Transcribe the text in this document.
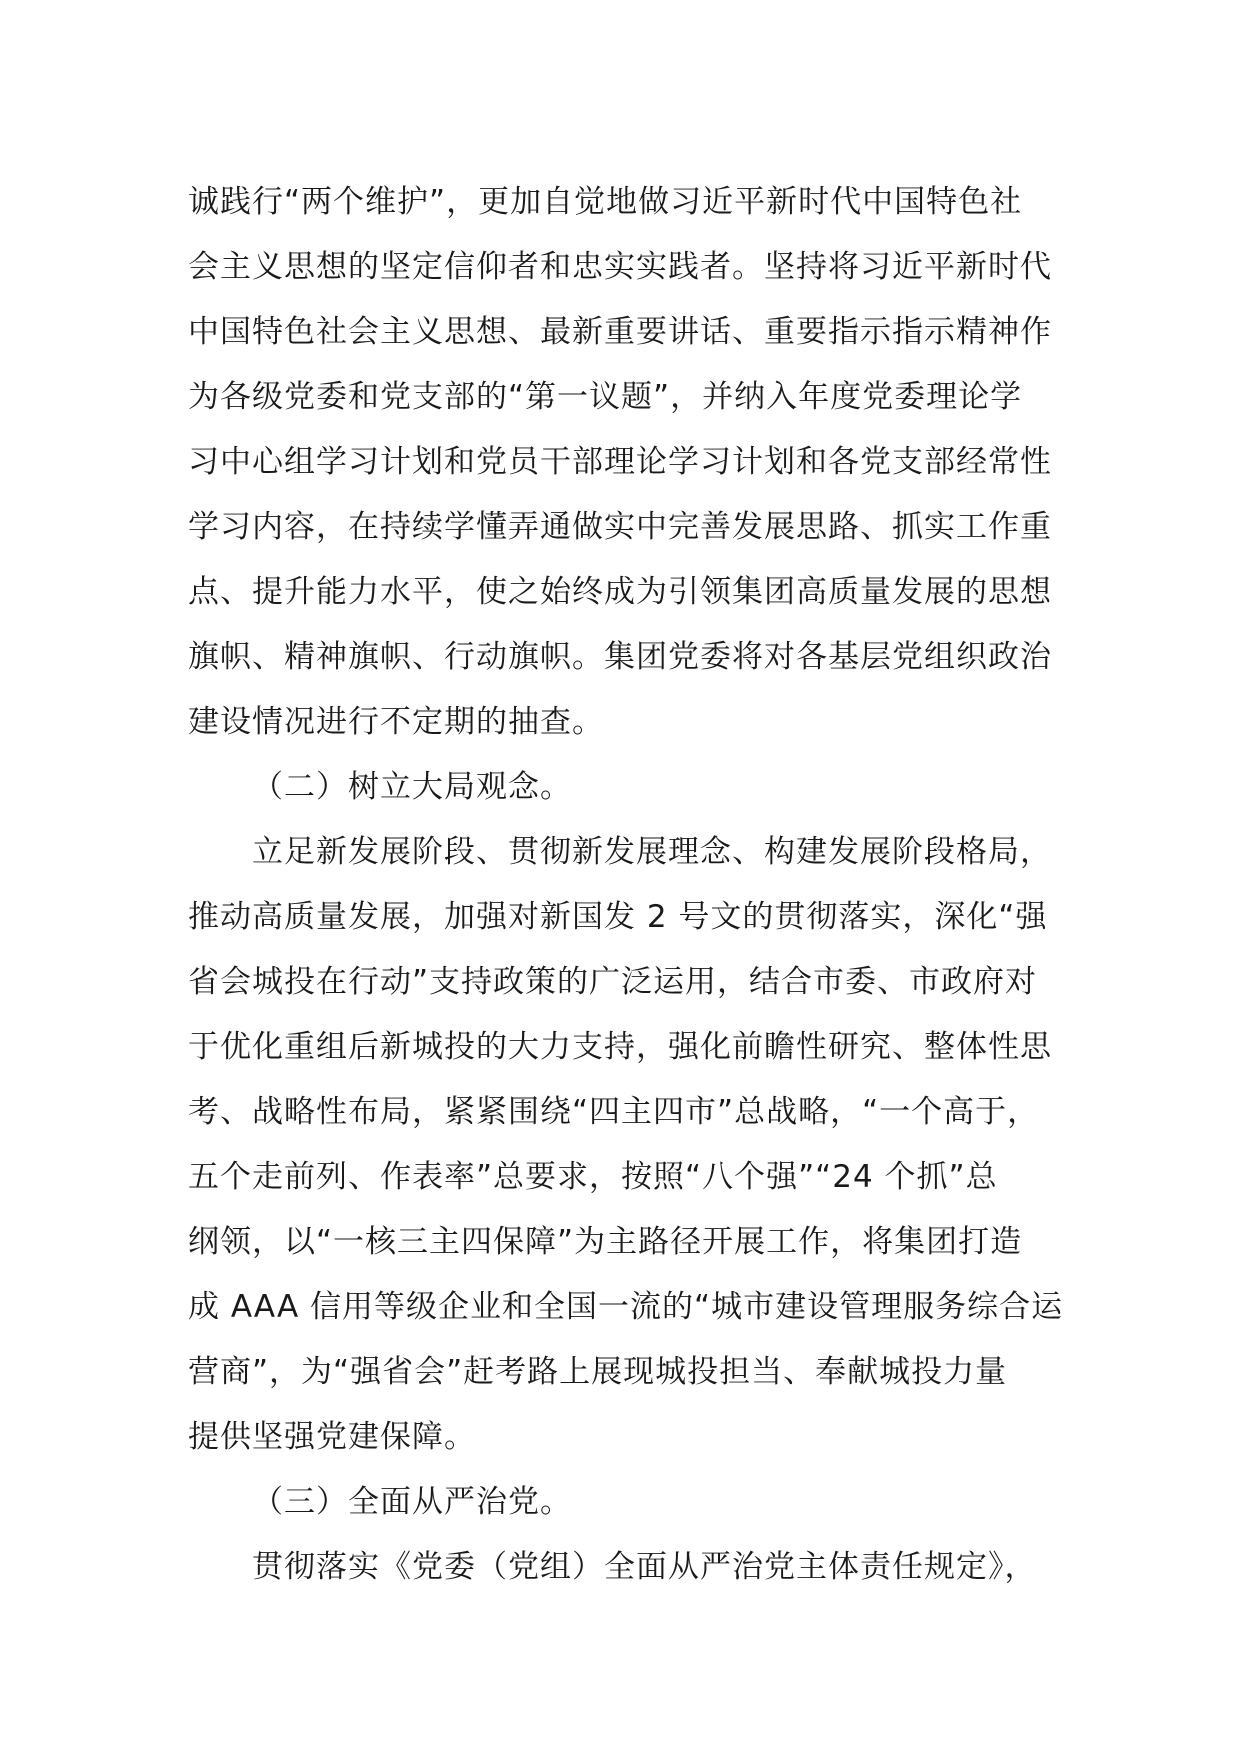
诚践行“两个维护”，更加自觉地做习近平新时代中国特色社
会主义思想的坚定信仰者和忠实实践者。坚持将习近平新时代
中国特色社会主义思想、最新重要讲话、重要指示指示精神作
为各级党委和党支部的“第一议题”，并纳入年度党委理论学
习中心组学习计划和党员干部理论学习计划和各党支部经常性
学习内容，在持续学懂弄通做实中完善发展思路、抓实工作重
点、提升能力水平，使之始终成为引领集团高质量发展的思想
旗帜、精神旗帜、行动旗帜。集团党委将对各基层党组织政治
建设情况进行不定期的抽查。
（二）树立大局观念。
立足新发展阶段、贯彻新发展理念、构建发展阶段格局，
推动高质量发展，加强对新国发 2 号文的贯彻落实，深化“强
省会城投在行动”支持政策的广泛运用，结合市委、市政府对
于优化重组后新城投的大力支持，强化前瞻性研究、整体性思
考、战略性布局，紧紧围绕“四主四市”总战略，“一个高于，
五个走前列、作表率”总要求，按照“八个强”“24 个抓”总
纲领，以“一核三主四保障”为主路径开展工作，将集团打造
成 AAA 信用等级企业和全国一流的“城市建设管理服务综合运
营商”，为“强省会”赶考路上展现城投担当、奉献城投力量
提供坚强党建保障。
（三）全面从严治党。
贯彻落实《党委（党组）全面从严治党主体责任规定》，
